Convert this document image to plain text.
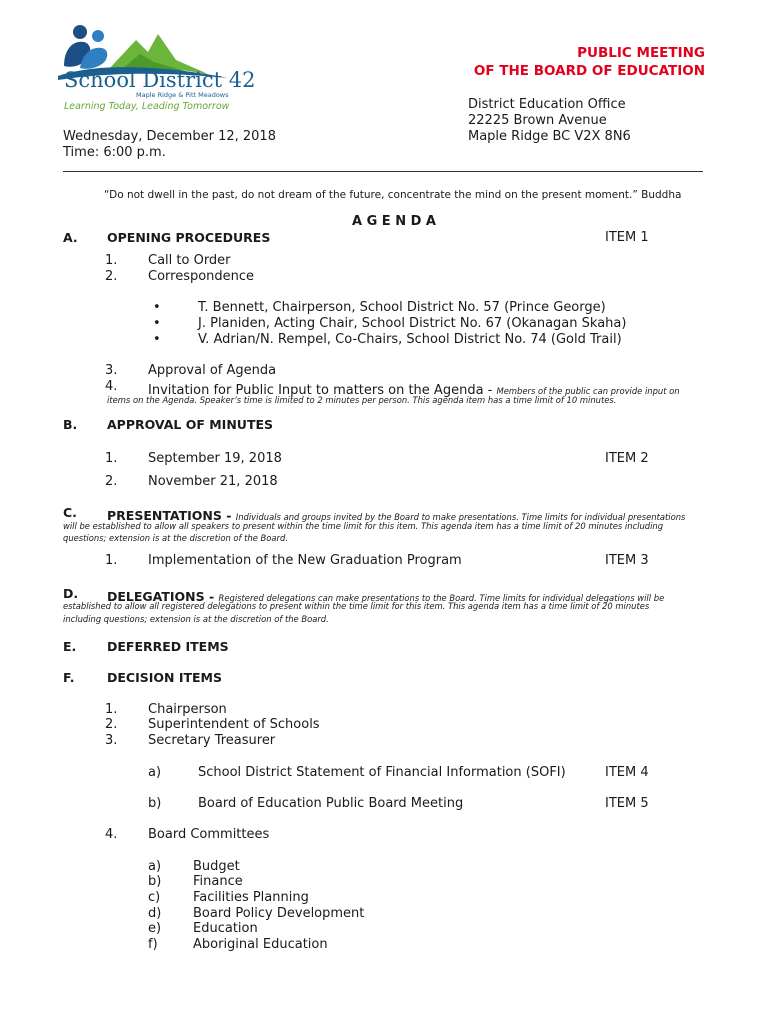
School District 42
Maple Ridge & Pitt Meadows
Learning Today, Leading Tomorrow
PUBLIC MEETING
OF THE BOARD OF EDUCATION
District Education Office
22225 Brown Avenue
Maple Ridge BC V2X 8N6
Wednesday, December 12, 2018
Time: 6:00 p.m.
“Do not dwell in the past, do not dream of the future, concentrate the mind on the present moment.” Buddha
A G E N D A
A. OPENING PROCEDURES	ITEM 1
1. Call to Order
2. Correspondence
•	T. Bennett, Chairperson, School District No. 57 (Prince George)
•	J. Planiden, Acting Chair, School District No. 67 (Okanagan Skaha)
•	V. Adrian/N. Rempel, Co-Chairs, School District No. 74 (Gold Trail)
3. Approval of Agenda
4. Invitation for Public Input to matters on the Agenda - Members of the public can provide input on
items on the Agenda. Speaker’s time is limited to 2 minutes per person. This agenda item has a time limit of 10 minutes.
B. APPROVAL OF MINUTES
1. September 19, 2018	ITEM 2
2. November 21, 2018
C. PRESENTATIONS - Individuals and groups invited by the Board to make presentations. Time limits for individual presentations
will be established to allow all speakers to present within the time limit for this item. This agenda item has a time limit of 20 minutes including
questions; extension is at the discretion of the Board.
1. Implementation of the New Graduation Program	ITEM 3
D. DELEGATIONS - Registered delegations can make presentations to the Board. Time limits for individual delegations will be
established to allow all registered delegations to present within the time limit for this item. This agenda item has a time limit of 20 minutes
including questions; extension is at the discretion of the Board.
E. DEFERRED ITEMS
F.	DECISION ITEMS
1. Chairperson
2. Superintendent of Schools
3. Secretary Treasurer
a)	School District Statement of Financial Information (SOFI)	ITEM 4
b)	Board of Education Public Board Meeting	ITEM 5
4. Board Committees
a) Budget
b) Finance
c)	Facilities Planning
d) Board Policy Development
e) Education
f)	Aboriginal Education
